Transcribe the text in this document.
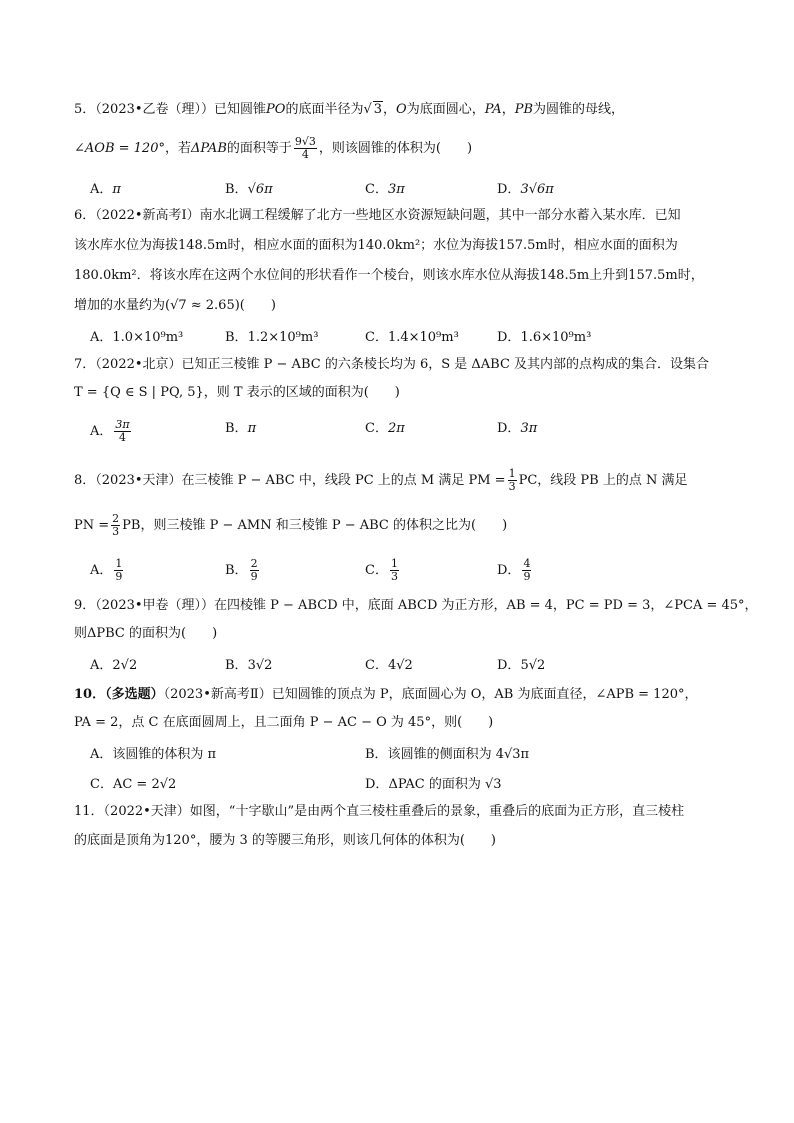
5．（2023•乙卷（理））已知圆锥PO的底面半径为√ 3，O为底面圆心，PA，PB为圆锥的母线，
∠AOB = 120°，若ΔPAB的面积等于 $\frac{9√3}{4}$ ，则该圆锥的体积为(　　)
A．π	B．√6π	C．3π	D．3√6π
6．（2022•新高考Ⅰ）南水北调工程缓解了北方一些地区水资源短缺问题，其中一部分水蓄入某水库．已知
该水库水位为海拔148.5m时，相应水面的面积为140.0km²；水位为海拔157.5m时，相应水面的面积为
180.0km²．将该水库在这两个水位间的形状看作一个棱台，则该水库水位从海拔148.5m上升到157.5m时，
增加的水量约为(√7 ≈ 2.65)(　　)
A．1.0×10⁹m³	B．1.2×10⁹m³	C．1.4×10⁹m³	D．1.6×10⁹m³
7．（2022•北京）已知正三棱锥 P − ABC 的六条棱长均为 6，S 是 ΔABC 及其内部的点构成的集合．设集合
T = {Q ∈ S | PQ, 5}，则 T 表示的区域的面积为(　　)
A． $\frac{3\pi}{4}$	B．π	C．2π	D．3π
8．（2023•天津）在三棱锥 P − ABC 中，线段 PC 上的点 M 满足 PM = $\frac{1}{3}$ PC，线段 PB 上的点 N 满足
PN = $\frac{2}{3}$ PB，则三棱锥 P − AMN 和三棱锥 P − ABC 的体积之比为(　　)
A． $\frac{1}{9}$	B． $\frac{2}{9}$	C． $\frac{1}{3}$	D． $\frac{4}{9}$
9．（2023•甲卷（理））在四棱锥 P − ABCD 中，底面 ABCD 为正方形，AB = 4，PC = PD = 3，∠PCA = 45°，
则ΔPBC 的面积为(　　)
A．2√2	B．3√2	C．4√2	D．5√2
10．（多选题）（2023•新高考Ⅱ）已知圆锥的顶点为 P，底面圆心为 O，AB 为底面直径，∠APB = 120°，
PA = 2，点 C 在底面圆周上，且二面角 P − AC − O 为 45°，则(　　)
A．该圆锥的体积为 π	B．该圆锥的侧面积为 4√3π
C．AC = 2√2	D．ΔPAC 的面积为 √3
11．（2022•天津）如图，“十字歇山”是由两个直三棱柱重叠后的景象，重叠后的底面为正方形，直三棱柱
的底面是顶角为120°，腰为 3 的等腰三角形，则该几何体的体积为(　　)
